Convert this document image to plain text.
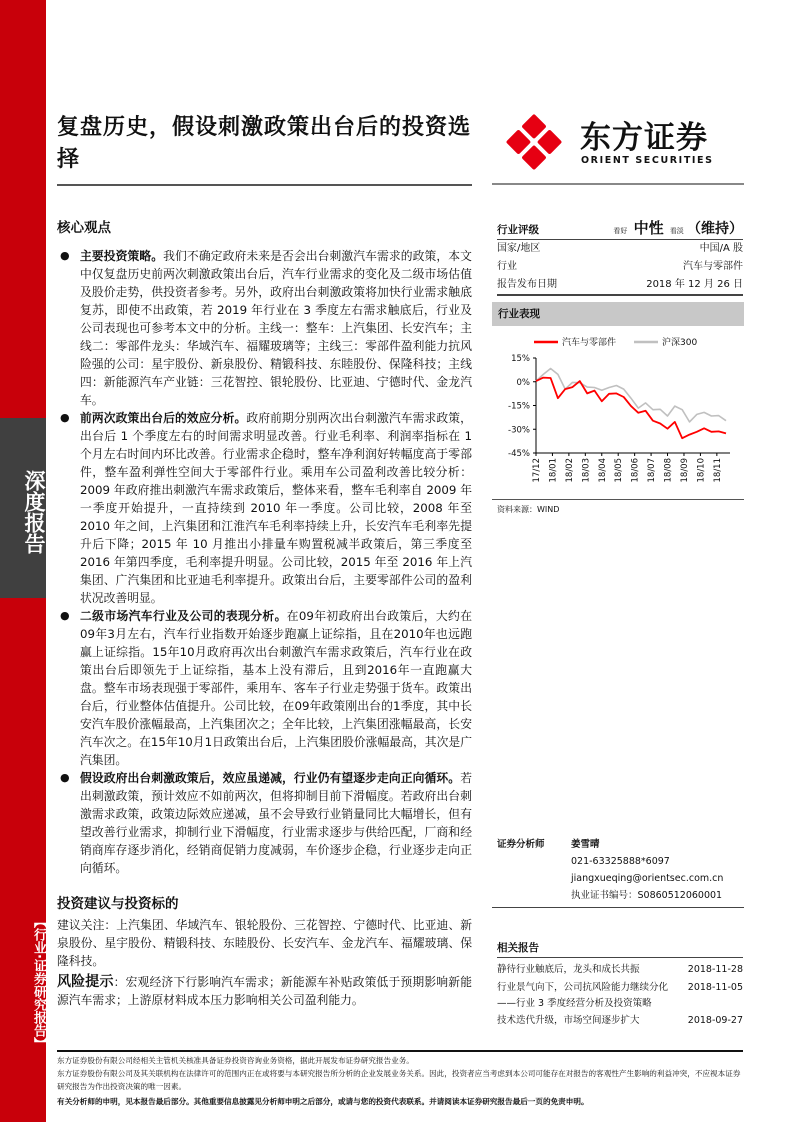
深度报告
【行业·证券研究报告】
复盘历史，假设刺激政策出台后的投资选择
东方证券
ORIENT SECURITIES
核心观点
● 主要投资策略。我们不确定政府未来是否会出台刺激汽车需求的政策，本文中仅复盘历史前两次刺激政策出台后，汽车行业需求的变化及二级市场估值及股价走势，供投资者参考。另外，政府出台刺激政策将加快行业需求触底复苏，即使不出政策，若 2019 年行业在 3 季度左右需求触底后，行业及公司表现也可参考本文中的分析。主线一：整车：上汽集团、长安汽车；主线二：零部件龙头：华域汽车、福耀玻璃等；主线三：零部件盈利能力抗风险强的公司：星宇股份、新泉股份、精锻科技、东睦股份、保隆科技；主线四：新能源汽车产业链：三花智控、银轮股份、比亚迪、宁德时代、金龙汽车。
● 前两次政策出台后的效应分析。政府前期分别两次出台刺激汽车需求政策，出台后 1 个季度左右的时间需求明显改善。行业毛利率、利润率指标在 1 个月左右时间内环比改善。行业需求企稳时，整车净利润好转幅度高于零部件，整车盈利弹性空间大于零部件行业。乘用车公司盈利改善比较分析：2009 年政府推出刺激汽车需求政策后，整体来看，整车毛利率自 2009 年一季度开始提升，一直持续到 2010 年一季度。公司比较，2008 年至 2010 年之间，上汽集团和江淮汽车毛利率持续上升，长安汽车毛利率先提升后下降；2015 年 10 月推出小排量车购置税减半政策后，第三季度至 2016 年第四季度，毛利率提升明显。公司比较，2015 年至 2016 年上汽集团、广汽集团和比亚迪毛利率提升。政策出台后，主要零部件公司的盈利状况改善明显。
● 二级市场汽车行业及公司的表现分析。在09年初政府出台政策后，大约在09年3月左右，汽车行业指数开始逐步跑赢上证综指，且在2010年也远跑赢上证综指。15年10月政府再次出台刺激汽车需求政策后，汽车行业在政策出台后即领先于上证综指，基本上没有滞后，且到2016年一直跑赢大盘。整车市场表现强于零部件，乘用车、客车子行业走势强于货车。政策出台后，行业整体估值提升。公司比较，在09年政策刚出台的1季度，其中长安汽车股价涨幅最高，上汽集团次之；全年比较，上汽集团涨幅最高，长安汽车次之。在15年10月1日政策出台后，上汽集团股价涨幅最高，其次是广汽集团。
● 假设政府出台刺激政策后，效应虽递减，行业仍有望逐步走向正向循环。若出刺激政策，预计效应不如前两次，但将抑制目前下滑幅度。若政府出台刺激需求政策，政策边际效应递减，虽不会导致行业销量同比大幅增长，但有望改善行业需求，抑制行业下滑幅度，行业需求逐步与供给匹配，厂商和经销商库存逐步消化，经销商促销力度减弱，车价逐步企稳，行业逐步走向正向循环。
投资建议与投资标的
建议关注：上汽集团、华域汽车、银轮股份、三花智控、宁德时代、比亚迪、新泉股份、星宇股份、精锻科技、东睦股份、长安汽车、金龙汽车、福耀玻璃、保隆科技。
风险提示：宏观经济下行影响汽车需求；新能源车补贴政策低于预期影响新能源汽车需求；上游原材料成本压力影响相关公司盈利能力。
行业评级	看好 中性 看淡 （维持）
国家/地区	中国/A 股
行业	汽车与零部件
报告发布日期	2018 年 12 月 26 日
行业表现
汽车与零部件	沪深300
15%
0%
-15%
-30%
-45%
17/12 18/01 18/02 18/03 18/04 18/05 18/06 18/07 18/08 18/09 18/10 18/11
资料来源：WIND
证券分析师	姜雪晴
021-63325888*6097
jiangxueqing@orientsec.com.cn
执业证书编号：S0860512060001
相关报告
静待行业触底后，龙头和成长共振	2018-11-28
行业景气向下，公司抗风险能力继续分化 2018-11-05
——行业 3 季度经营分析及投资策略
技术迭代升级，市场空间逐步扩大	2018-09-27
东方证券股份有限公司经相关主管机关核准具备证券投资咨询业务资格，据此开展发布证券研究报告业务。
东方证券股份有限公司及其关联机构在法律许可的范围内正在或将要与本研究报告所分析的企业发展业务关系。因此，投资者应当考虑到本公司可能存在对报告的客观性产生影响的利益冲突，不应视本证券研究报告为作出投资决策的唯一因素。
有关分析师的申明，见本报告最后部分。其他重要信息披露见分析师申明之后部分，或请与您的投资代表联系。并请阅读本证券研究报告最后一页的免责申明。
